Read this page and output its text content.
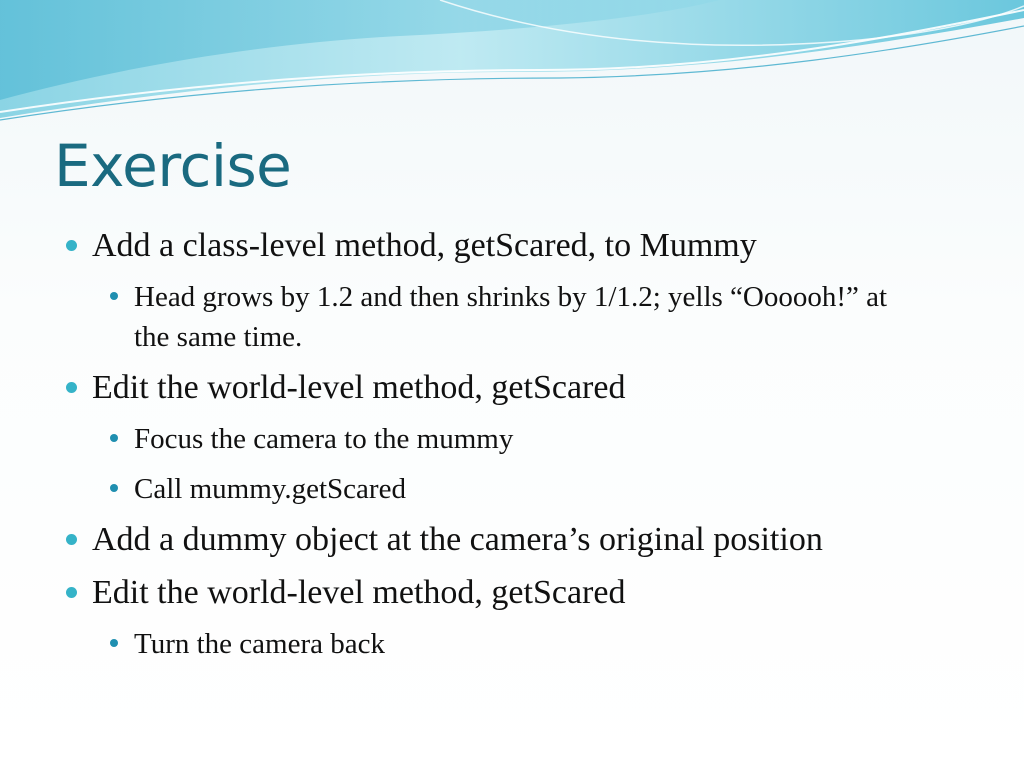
Exercise
Add a class-level method, getScared, to Mummy
Head grows by 1.2 and then shrinks by 1/1.2; yells “Oooooh!” at the same time.
Edit the world-level method, getScared
Focus the camera to the mummy
Call mummy.getScared
Add a dummy object at the camera’s original position
Edit the world-level method, getScared
Turn the camera back
